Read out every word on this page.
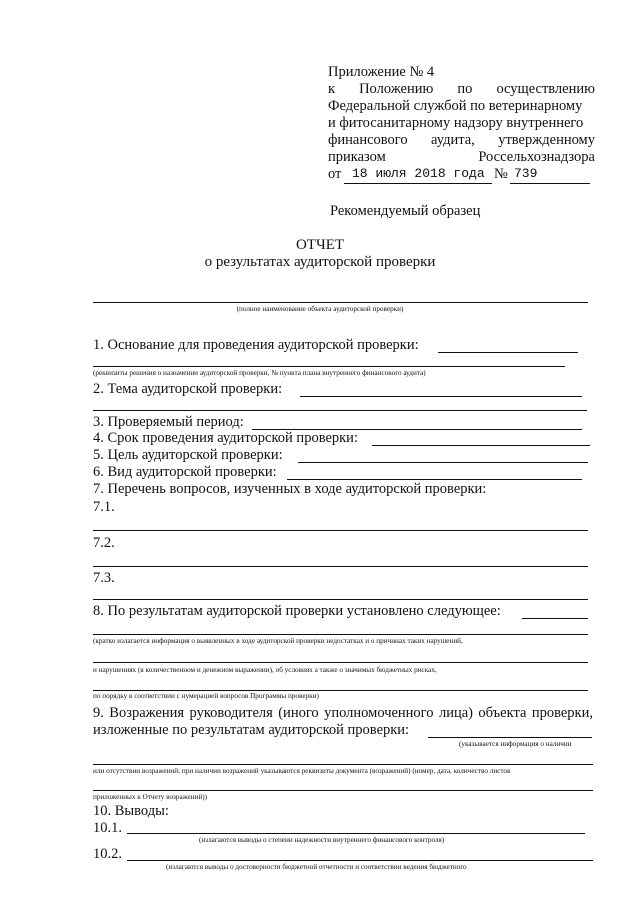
Приложение № 4
к Положению по осуществлению
Федеральной службой по ветеринарному
и фитосанитарному надзору внутреннего
финансового аудита, утвержденному
приказом	Россельхознадзора
от 18 июля 2018 года № 739
Рекомендуемый образец
ОТЧЕТ
о результатах аудиторской проверки
(полное наименование объекта аудиторской проверки)
1. Основание для проведения аудиторской проверки:
(реквизиты решения о назначении аудиторской проверки, № пункта плана внутреннего финансового аудита)
2. Тема аудиторской проверки:
3. Проверяемый период:
4. Срок проведения аудиторской проверки:
5. Цель аудиторской проверки:
6. Вид аудиторской проверки:
7. Перечень вопросов, изученных в ходе аудиторской проверки:
7.1.
7.2.
7.3.
8. По результатам аудиторской проверки установлено следующее:
(кратко излагается информация о выявленных в ходе аудиторской проверки недостатках и о причинах таких нарушений,
и нарушениях (в количественном и денежном выражении), об условиях а также о значимых бюджетных рисках,
по порядку в соответствии с нумерацией вопросов Программы проверки)
9. Возражения руководителя (иного уполномоченного лица) объекта проверки,
изложенные по результатам аудиторской проверки:
(указывается информация о наличии
или отсутствии возражений; при наличии возражений указываются реквизиты документа (возражений) (номер, дата, количество листов
приложенных к Отчету возражений))
10. Выводы:
10.1.
(излагаются выводы о степени надежности внутреннего финансового контроля)
10.2.
(излагаются выводы о достоверности бюджетной отчетности и соответствии ведения бюджетного
